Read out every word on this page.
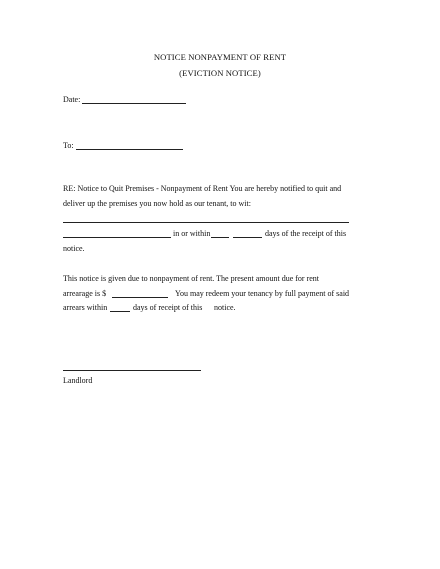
NOTICE NONPAYMENT OF RENT
(EVICTION NOTICE)
Date:
To:
RE: Notice to Quit Premises - Nonpayment of Rent You are hereby notified to quit and
deliver up the premises you now hold as our tenant, to wit:
in or within	days of the receipt of this
notice.
This notice is given due to nonpayment of rent. The present amount due for rent
arrearage is $	You may redeem your tenancy by full payment of said
arrears within	days of receipt of this notice.
Landlord
